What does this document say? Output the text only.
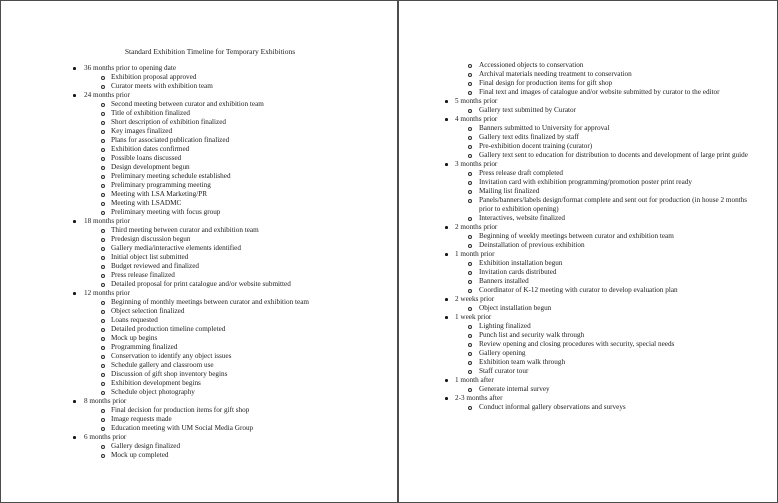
Standard Exhibition Timeline for Temporary Exhibitions
36 months prior to opening date
Exhibition proposal approved
Curator meets with exhibition team
24 months prior
Second meeting between curator and exhibition team
Title of exhibition finalized
Short description of exhibition finalized
Key images finalized
Plans for associated publication finalized
Exhibition dates confirmed
Possible loans discussed
Design development begun
Preliminary meeting schedule established
Preliminary programming meeting
Meeting with LSA Marketing/PR
Meeting with LSADMC
Preliminary meeting with focus group
18 months prior
Third meeting between curator and exhibition team
Predesign discussion begun
Gallery media/interactive elements identified
Initial object list submitted
Budget reviewed and finalized
Press release finalized
Detailed proposal for print catalogue and/or website submitted
12 months prior
Beginning of monthly meetings between curator and exhibition team
Object selection finalized
Loans requested
Detailed production timeline completed
Mock up begins
Programming finalized
Conservation to identify any object issues
Schedule gallery and classroom use
Discussion of gift shop inventory begins
Exhibition development begins
Schedule object photography
8 months prior
Final decision for production items for gift shop
Image requests made
Education meeting with UM Social Media Group
6 months prior
Gallery design finalized
Mock up completed
Accessioned objects to conservation
Archival materials needing treatment to conservation
Final design for production items for gift shop
Final text and images of catalogue and/or website submitted by curator to the editor
5 months prior
Gallery text submitted by Curator
4 months prior
Banners submitted to University for approval
Gallery text edits finalized by staff
Pre-exhibition docent training (curator)
Gallery text sent to education for distribution to docents and development of large print guide
3 months prior
Press release draft completed
Invitation card with exhibition programming/promotion poster print ready
Mailing list finalized
Panels/banners/labels design/format complete and sent out for production (in house 2 months prior to exhibition opening)
Interactives, website finalized
2 months prior
Beginning of weekly meetings between curator and exhibition team
Deinstallation of previous exhibition
1 month prior
Exhibition installation begun
Invitation cards distributed
Banners installed
Coordinator of K-12 meeting with curator to develop evaluation plan
2 weeks prior
Object installation begun
1 week prior
Lighting finalized
Punch list and security walk through
Review opening and closing procedures with security, special needs
Gallery opening
Exhibition team walk through
Staff curator tour
1 month after
Generate internal survey
2-3 months after
Conduct informal gallery observations and surveys
